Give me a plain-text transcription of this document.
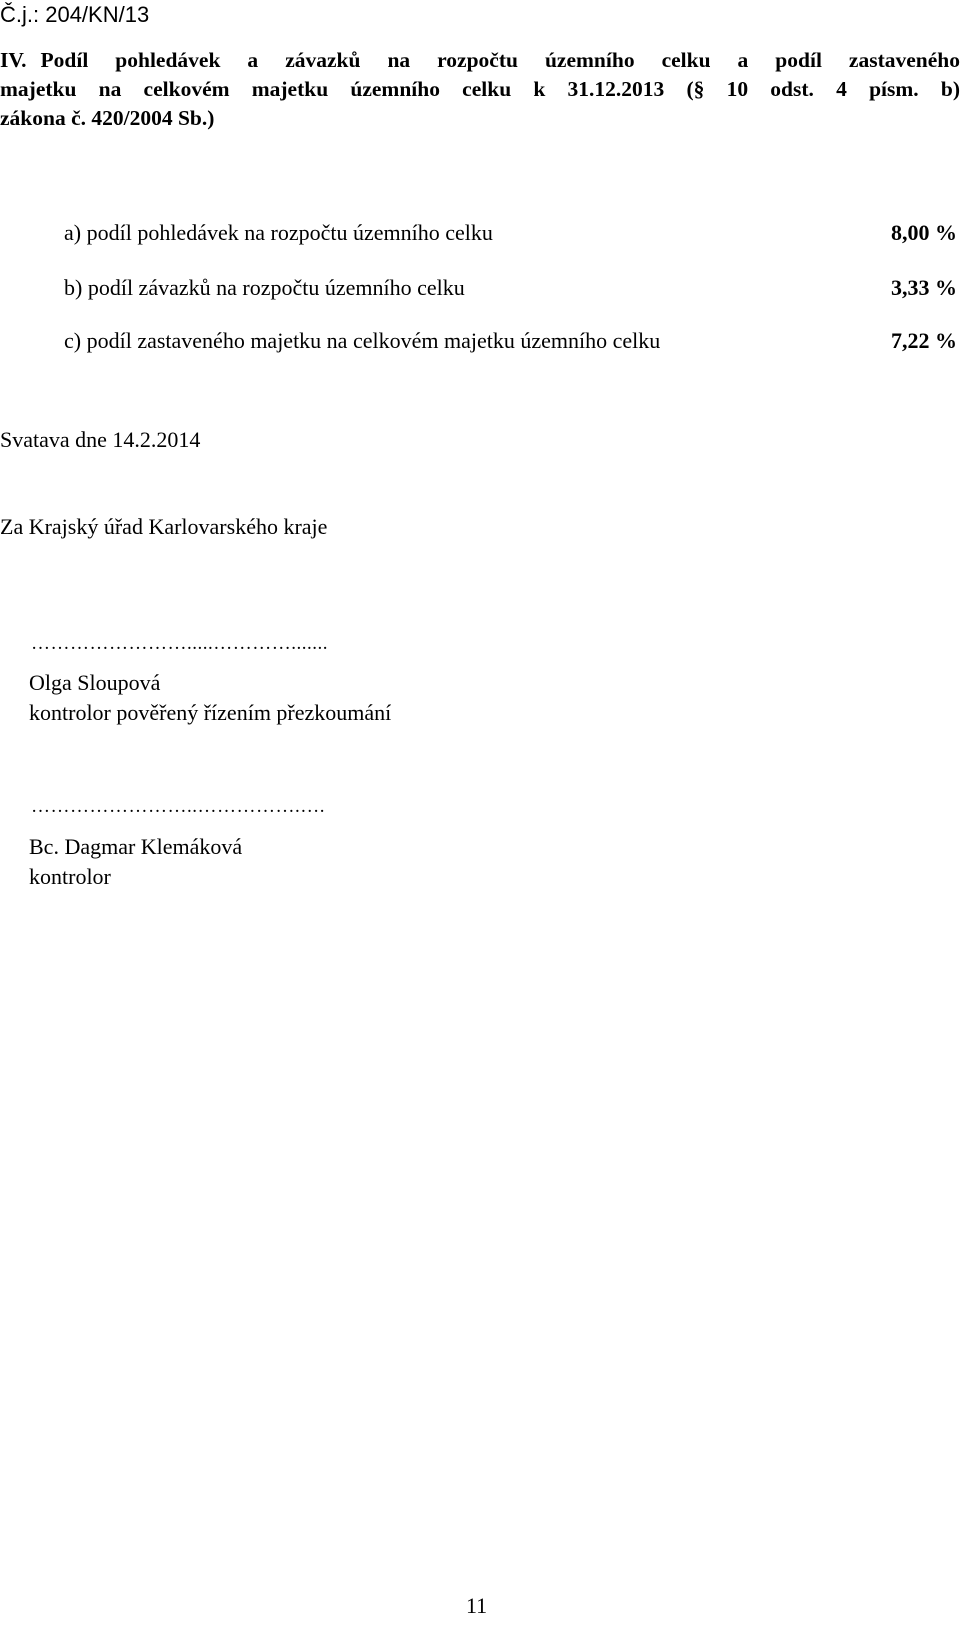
Č.j.: 204/KN/13
IV. Podíl pohledávek a závazků na rozpočtu územního celku a podíl zastaveného
majetku na celkovém majetku územního celku k 31.12.2013 (§ 10 odst. 4 písm. b)
zákona č. 420/2004 Sb.)
a) podíl pohledávek na rozpočtu územního celku	8,00 %
b) podíl závazků na rozpočtu územního celku	3,33 %
c) podíl zastaveného majetku na celkovém majetku územního celku	7,22 %
Svatava dne 14.2.2014
Za Krajský úřad Karlovarského kraje
…………………….....………….......
Olga Sloupová
kontrolor pověřený řízením přezkoumání
……………………..…………….….
Bc. Dagmar Klemáková
kontrolor
11
